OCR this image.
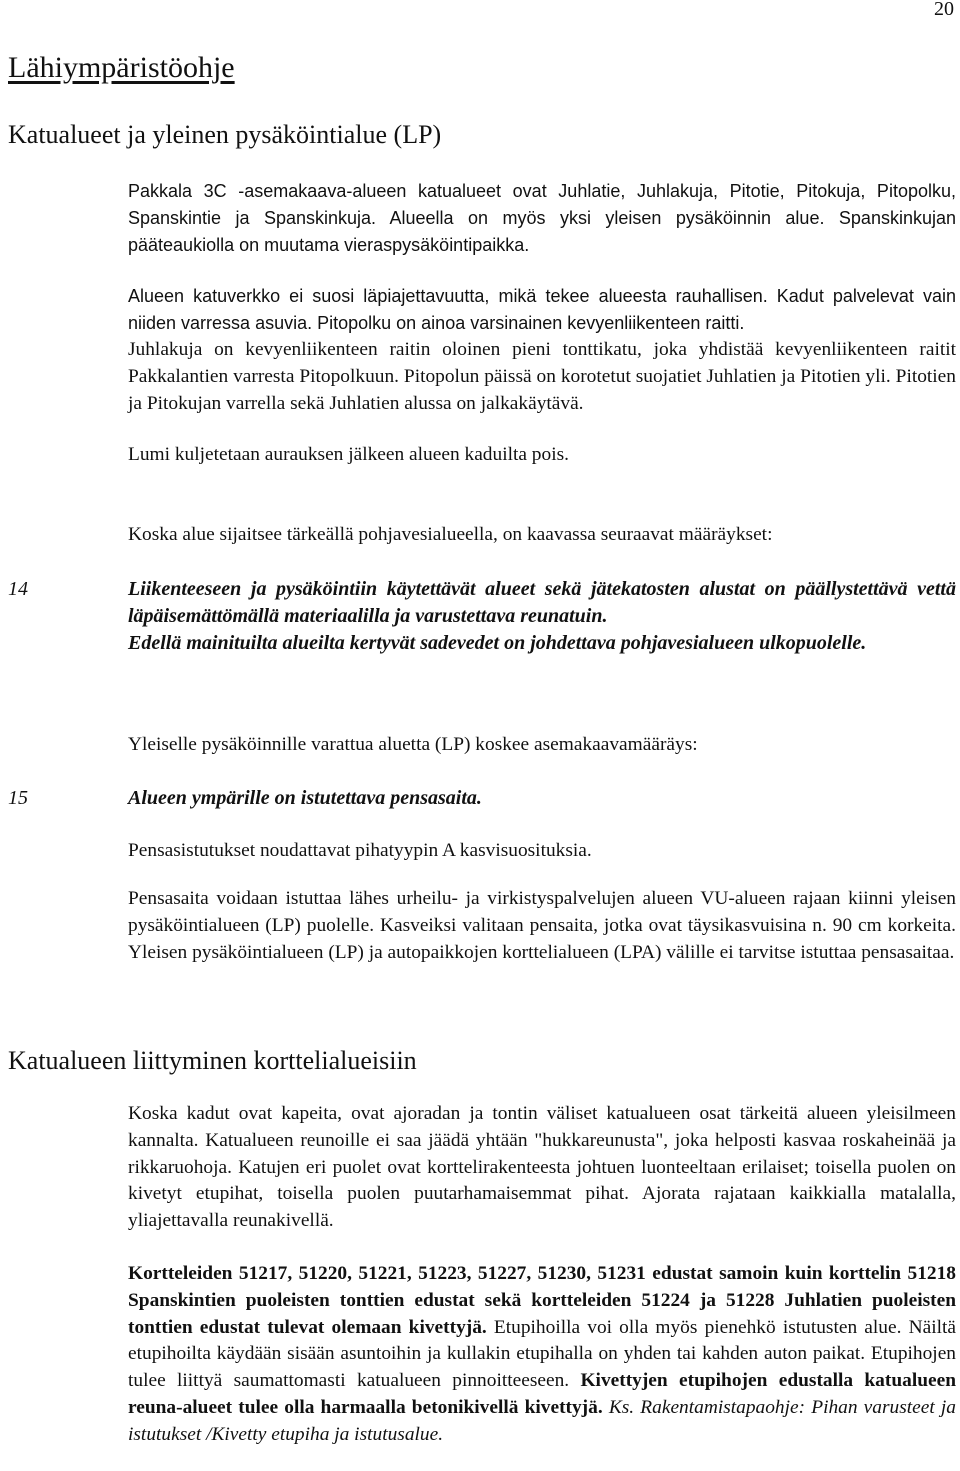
20
Lähiympäristöohje
Katualueet ja yleinen pysäköintialue (LP)

Pakkala 3C -asemakaava-alueen katualueet ovat Juhlatie, Juhlakuja, Pitotie, Pitokuja, Pitopolku, Spanskintie ja Spanskinkuja. Alueella on myös yksi yleisen pysäköinnin alue. Spanskinkujan pääteaukiolla on muutama vieraspysäköintipaikka.

Alueen katuverkko ei suosi läpiajettavuutta, mikä tekee alueesta rauhallisen. Kadut palvelevat vain niiden varressa asuvia. Pitopolku on ainoa varsinainen kevyenliikenteen raitti.

Juhlakuja on kevyenliikenteen raitin oloinen pieni tonttikatu, joka yhdistää kevyenliikenteen raitit Pakkalantien varresta Pitopolkuun. Pitopolun päissä on korotetut suojatiet Juhlatien ja Pitotien yli. Pitotien ja Pitokujan varrella sekä Juhlatien alussa on jalkakäytävä.

Lumi kuljetetaan aurauksen jälkeen alueen kaduilta pois.

Koska alue sijaitsee tärkeällä pohjavesialueella, on kaavassa seuraavat määräykset:

14	Liikenteeseen ja pysäköintiin käytettävät alueet sekä jätekatosten alustat on päällystettävä vettä läpäisemättömällä materiaalilla ja varustettava reunatuin.
Edellä mainituilta alueilta kertyvät sadevedet on johdettava pohjavesialueen ulkopuolelle.

Yleiselle pysäköinnille varattua aluetta (LP) koskee asemakaavamääräys:

15	Alueen ympärille on istutettava pensasaita.

Pensasistutukset noudattavat pihatyypin A kasvisuosituksia.

Pensasaita voidaan istuttaa lähes urheilu- ja virkistyspalvelujen alueen VU-alueen rajaan kiinni yleisen pysäköintialueen (LP) puolelle. Kasveiksi valitaan pensaita, jotka ovat täysikasvuisina n. 90 cm korkeita. Yleisen pysäköintialueen (LP) ja autopaikkojen korttelialueen (LPA) välille ei tarvitse istuttaa pensasaitaa.

Katualueen liittyminen korttelialueisiin

Koska kadut ovat kapeita, ovat ajoradan ja tontin väliset katualueen osat tärkeitä alueen yleisilmeen kannalta. Katualueen reunoille ei saa jäädä yhtään "hukkareunusta", joka helposti kasvaa roskaheinää ja rikkaruohoja. Katujen eri puolet ovat korttelirakenteesta johtuen luonteeltaan erilaiset; toisella puolen on kivetyt etupihat, toisella puolen puutarhamaisemmat pihat. Ajorata rajataan kaikkialla matalalla, yliajettavalla reunakivellä.

Kortteleiden 51217, 51220, 51221, 51223, 51227, 51230, 51231 edustat samoin kuin korttelin 51218 Spanskintien puoleisten tonttien edustat sekä kortteleiden 51224 ja 51228 Juhlatien puoleisten tonttien edustat tulevat olemaan kivettyjä. Etupihoilla voi olla myös pienehkö istutusten alue. Näiltä etupihoilta käydään sisään asuntoihin ja kullakin etupihalla on yhden tai kahden auton paikat. Etupihojen tulee liittyä saumattomasti katualueen pinnoitteeseen. Kivettyjen etupihojen edustalla katualueen reuna-alueet tulee olla harmaalla betonikivellä kivettyjä. Ks. Rakentamistapaohje: Pihan varusteet ja istutukset /Kivetty etupiha ja istutusalue.
